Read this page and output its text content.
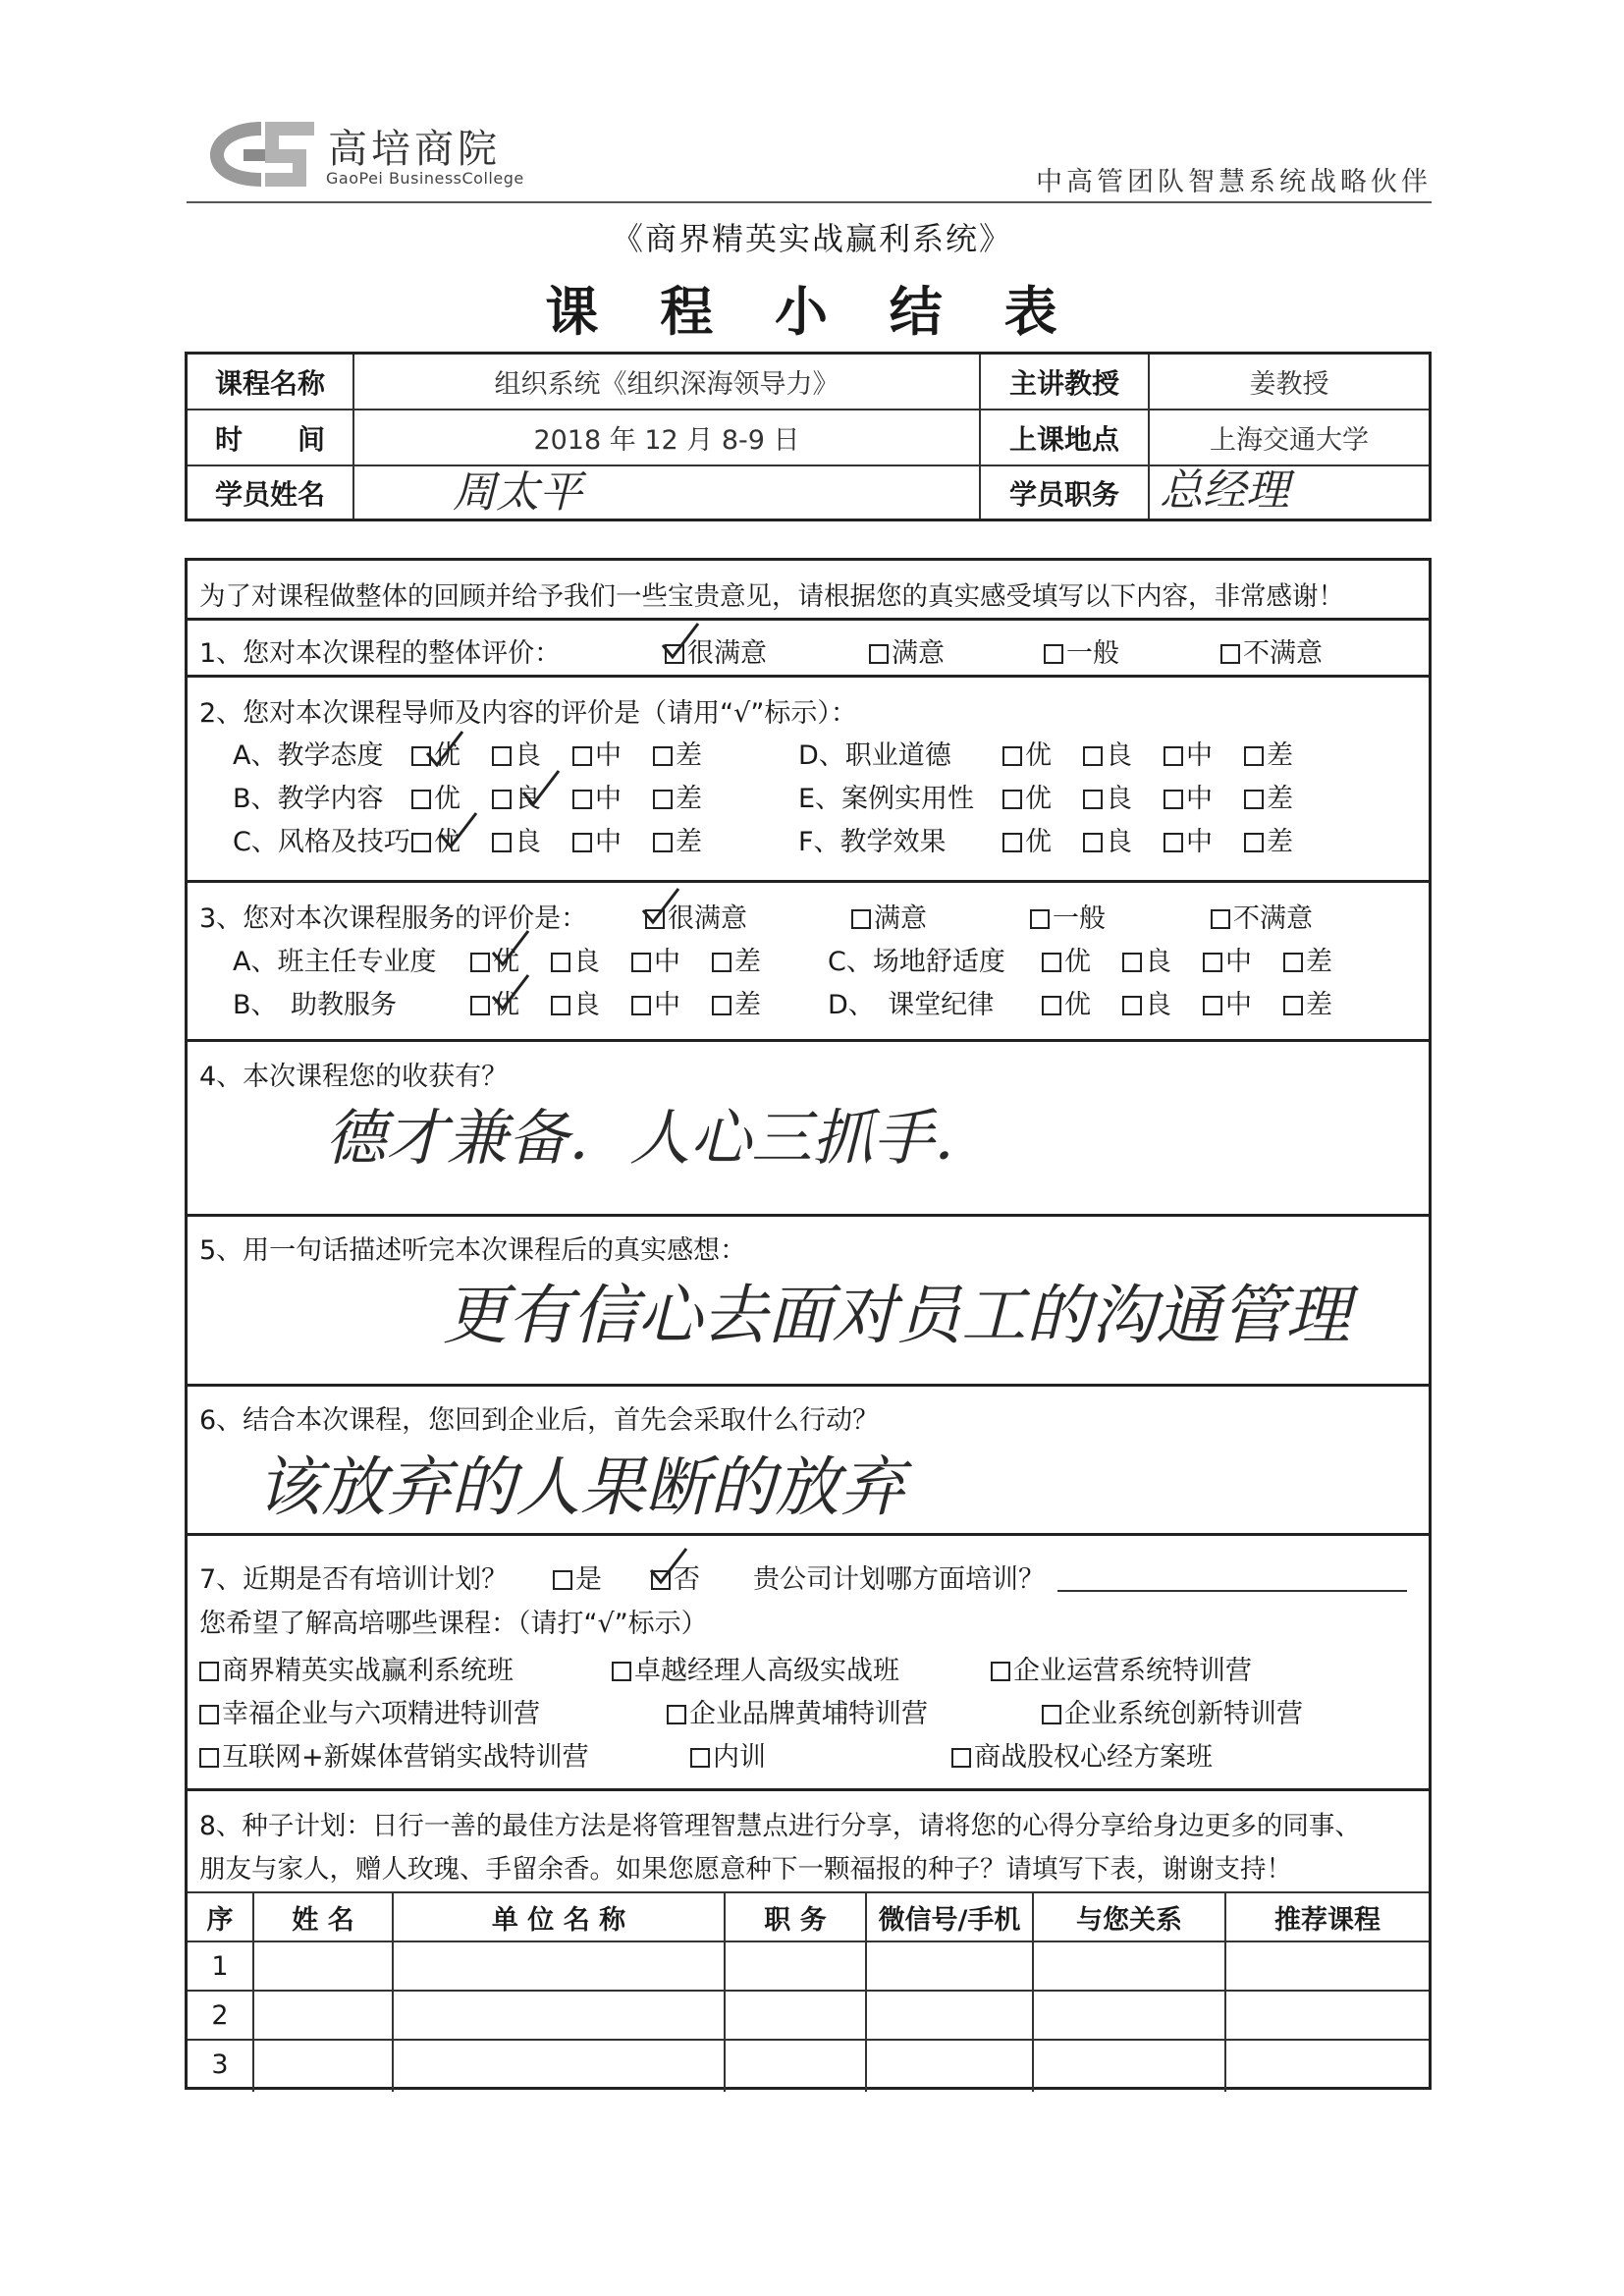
高培商院
GaoPei BusinessCollege	中高管团队智慧系统战略伙伴
《商界精英实战赢利系统》
课 程 小 结 表
课程名称	组织系统《组织深海领导力》	主讲教授	姜教授
时　　间	2018 年 12 月 8-9 日	上课地点	上海交通大学
学员姓名	周太平	学员职务 总经理
为了对课程做整体的回顾并给予我们一些宝贵意见，请根据您的真实感受填写以下内容，非常感谢！
1、您对本次课程的整体评价：	很满意	满意	一般	不满意
2、您对本次课程导师及内容的评价是（请用“√”标示）：
A、教学态度	优	良	中	差
B、教学内容	优	良	中	差
C、风格及技巧 优	良	中	差
D、职业道德	优	良	中	差
E、案例实用性	优	良	中	差
F、教学效果	优	良	中	差
3、您对本次课程服务的评价是：	很满意	满意	一般	不满意
A、班主任专业度	优	良	中	差
B、　助教服务	优	良	中	差
C、场地舒适度	优	良	中	差
D、　课堂纪律	优	良	中	差
4、本次课程您的收获有？
德才兼备．人心三抓手．
5、用一句话描述听完本次课程后的真实感想：
更有信心去面对员工的沟通管理
6、结合本次课程，您回到企业后，首先会采取什么行动？
该放弃的人果断的放弃
7、近期是否有培训计划？	是	否 贵公司计划哪方面培训？
您希望了解高培哪些课程：（请打“√”标示）
商界精英实战赢利系统班	卓越经理人高级实战班	企业运营系统特训营
幸福企业与六项精进特训营	企业品牌黄埔特训营	企业系统创新特训营
互联网+新媒体营销实战特训营	内训	商战股权心经方案班
8、种子计划：日行一善的最佳方法是将管理智慧点进行分享，请将您的心得分享给身边更多的同事、
朋友与家人，赠人玫瑰、手留余香。如果您愿意种下一颗福报的种子？请填写下表，谢谢支持！
序	姓 名	单 位 名 称	职 务	微信号/手机	与您关系	推荐课程
1
2
3
